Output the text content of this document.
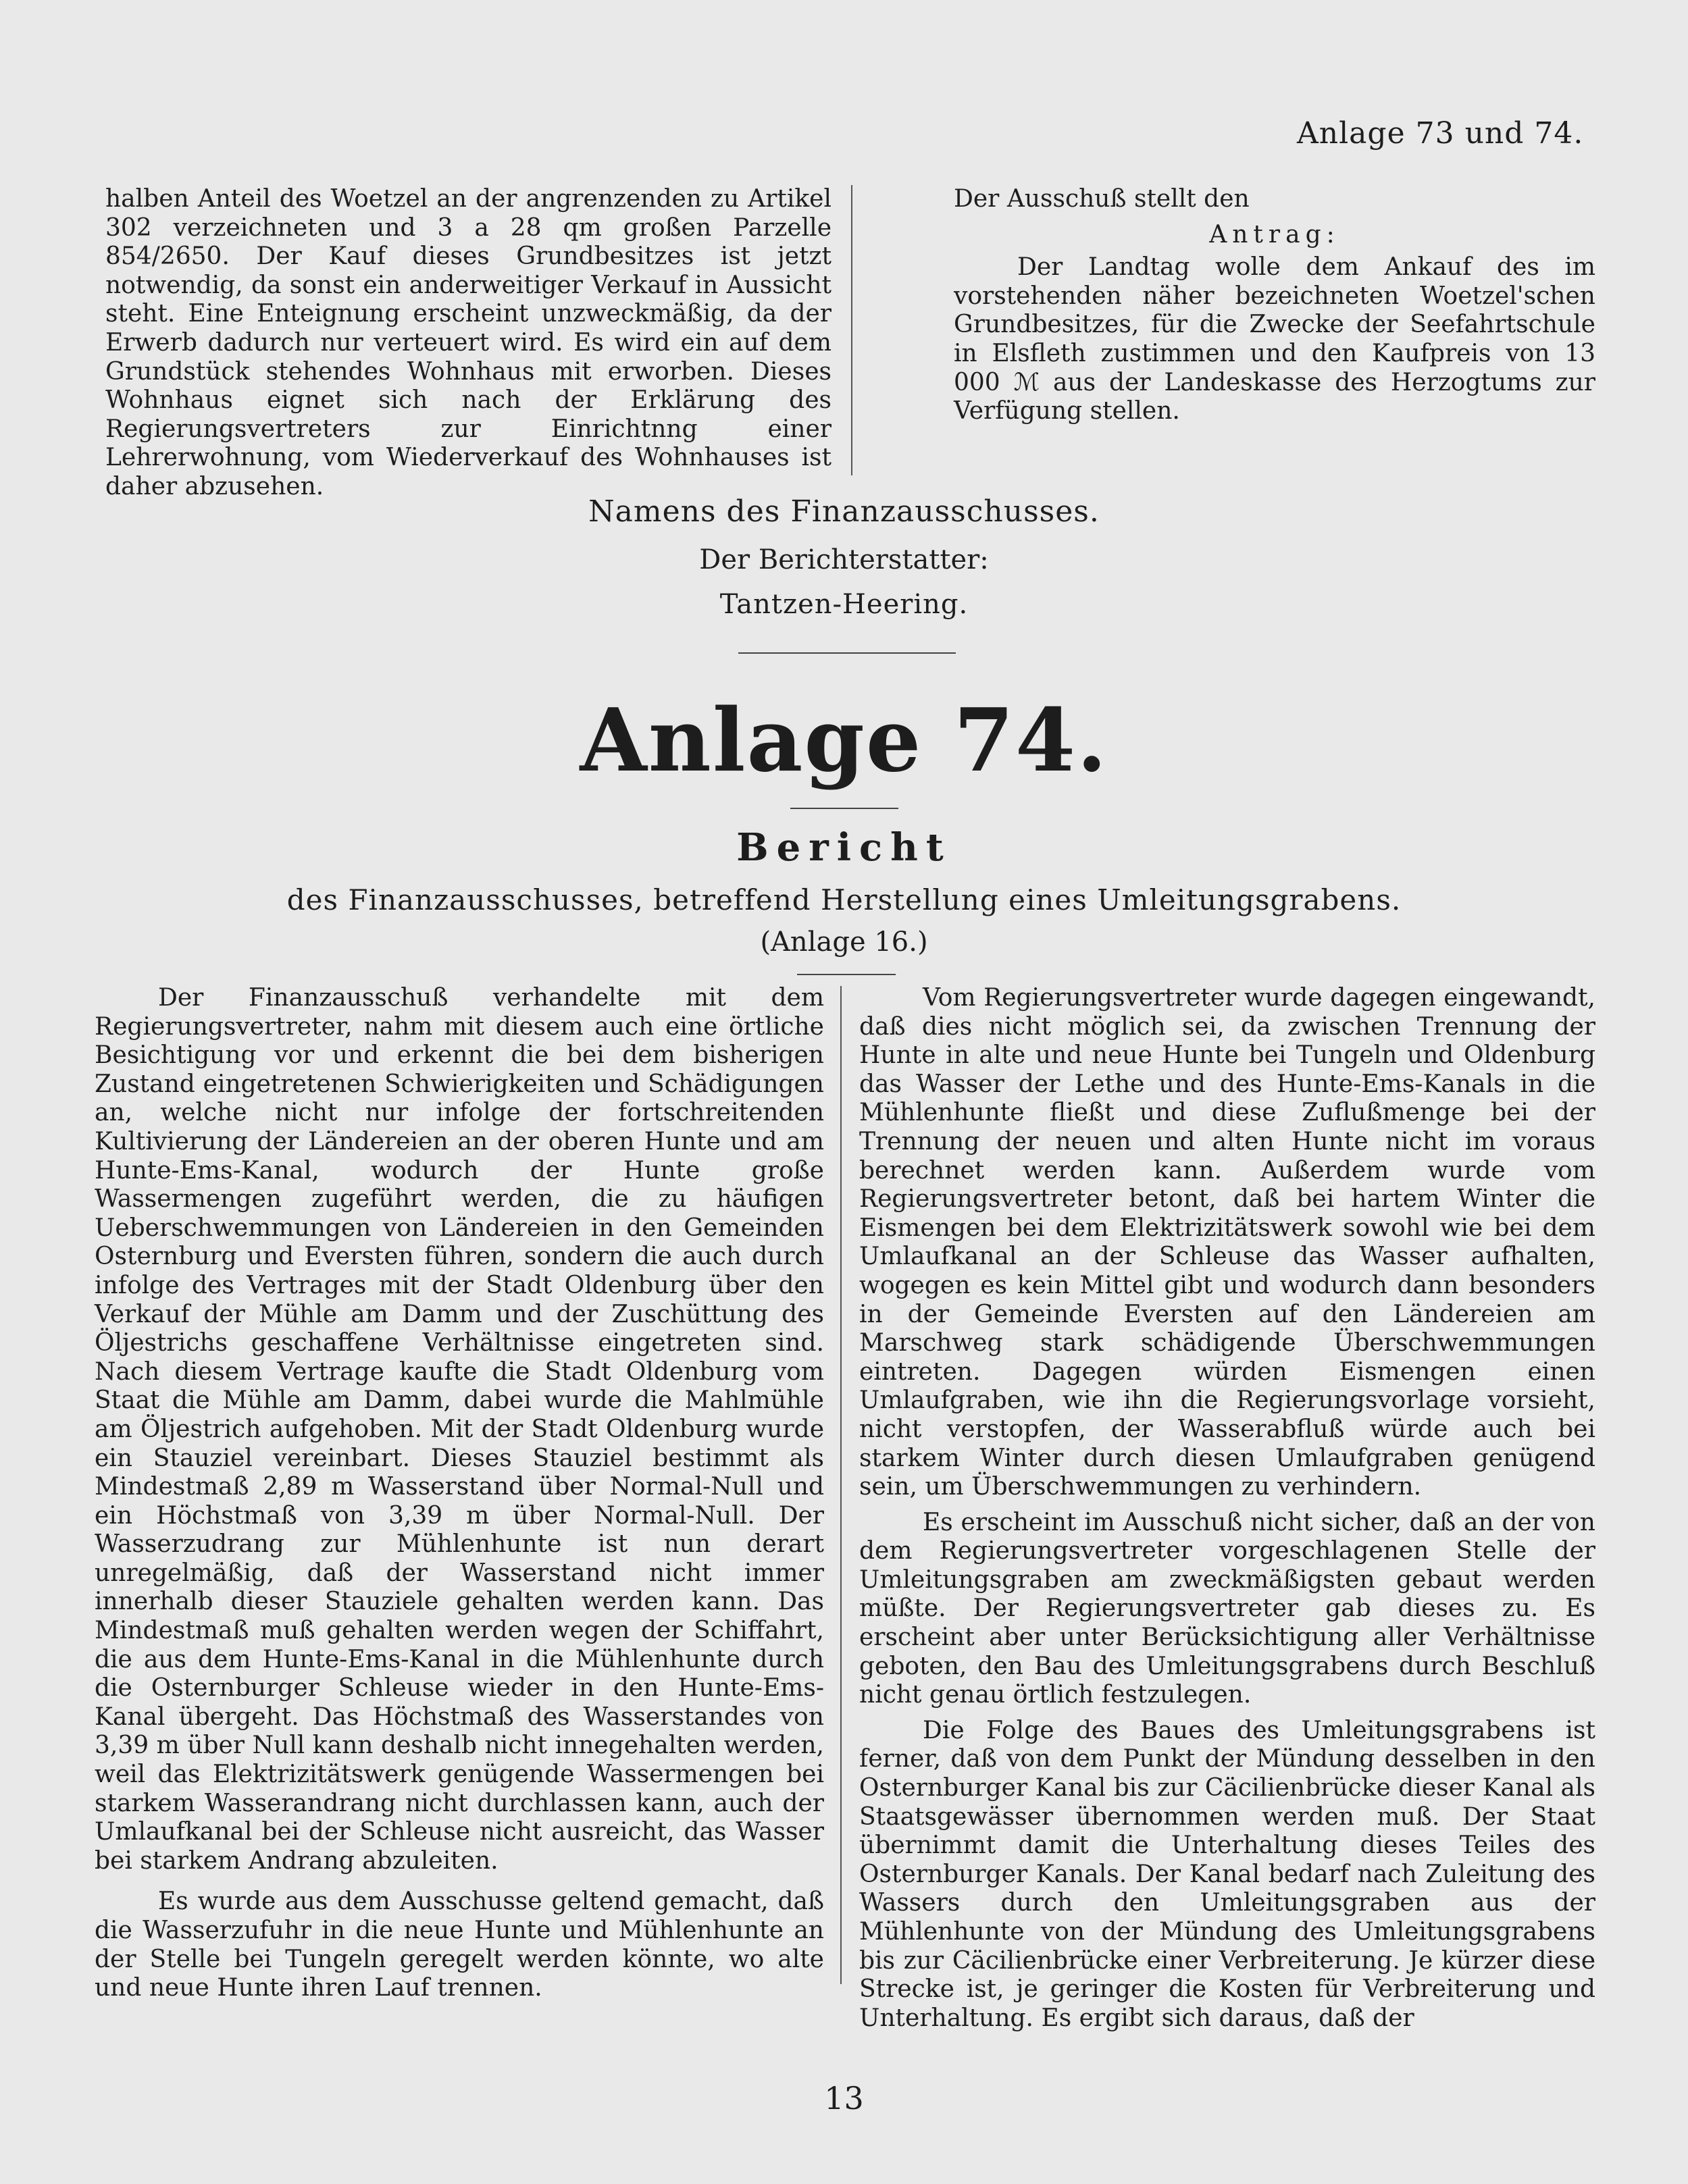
Anlage 73 und 74.

halben Anteil des Woetzel an der angrenzenden zu Artikel 302 verzeichneten und 3 a 28 qm großen Parzelle 854/2650. Der Kauf dieses Grundbesitzes ist jetzt notwendig, da sonst ein anderweitiger Verkauf in Aussicht steht. Eine Enteignung erscheint unzweckmäßig, da der Erwerb dadurch nur verteuert wird. Es wird ein auf dem Grundstück stehendes Wohnhaus mit erworben. Dieses Wohnhaus eignet sich nach der Erklärung des Regierungsvertreters zur Einrichtnng einer Lehrerwohnung, vom Wiederverkauf des Wohnhauses ist daher abzusehen.

Der Ausschuß stellt den

Antrag:

Der Landtag wolle dem Ankauf des im vorstehenden näher bezeichneten Woetzel'schen Grundbesitzes, für die Zwecke der Seefahrtschule in Elsfleth zustimmen und den Kaufpreis von 13 000 ℳ aus der Landeskasse des Herzogtums zur Verfügung stellen.

Namens des Finanzausschusses.
Der Berichterstatter:
Tantzen-Heering.
Anlage 74.
Bericht
des Finanzausschusses, betreffend Herstellung eines Umleitungsgrabens.
(Anlage 16.)

Der Finanzausschuß verhandelte mit dem Regierungsvertreter, nahm mit diesem auch eine örtliche Besichtigung vor und erkennt die bei dem bisherigen Zustand eingetretenen Schwierigkeiten und Schädigungen an, welche nicht nur infolge der fortschreitenden Kultivierung der Ländereien an der oberen Hunte und am Hunte-Ems-Kanal, wodurch der Hunte große Wassermengen zugeführt werden, die zu häufigen Ueberschwemmungen von Ländereien in den Gemeinden Osternburg und Eversten führen, sondern die auch durch infolge des Vertrages mit der Stadt Oldenburg über den Verkauf der Mühle am Damm und der Zuschüttung des Öljestrichs geschaffene Verhältnisse eingetreten sind. Nach diesem Vertrage kaufte die Stadt Oldenburg vom Staat die Mühle am Damm, dabei wurde die Mahlmühle am Öljestrich aufgehoben. Mit der Stadt Oldenburg wurde ein Stauziel vereinbart. Dieses Stauziel bestimmt als Mindestmaß 2,89 m Wasserstand über Normal-Null und ein Höchstmaß von 3,39 m über Normal-Null. Der Wasserzudrang zur Mühlenhunte ist nun derart unregelmäßig, daß der Wasserstand nicht immer innerhalb dieser Stauziele gehalten werden kann. Das Mindestmaß muß gehalten werden wegen der Schiffahrt, die aus dem Hunte-Ems-Kanal in die Mühlenhunte durch die Osternburger Schleuse wieder in den Hunte-Ems-Kanal übergeht. Das Höchstmaß des Wasserstandes von 3,39 m über Null kann deshalb nicht innegehalten werden, weil das Elektrizitätswerk genügende Wassermengen bei starkem Wasserandrang nicht durchlassen kann, auch der Umlaufkanal bei der Schleuse nicht ausreicht, das Wasser bei starkem Andrang abzuleiten.

Es wurde aus dem Ausschusse geltend gemacht, daß die Wasserzufuhr in die neue Hunte und Mühlenhunte an der Stelle bei Tungeln geregelt werden könnte, wo alte und neue Hunte ihren Lauf trennen.

Vom Regierungsvertreter wurde dagegen eingewandt, daß dies nicht möglich sei, da zwischen Trennung der Hunte in alte und neue Hunte bei Tungeln und Oldenburg das Wasser der Lethe und des Hunte-Ems-Kanals in die Mühlenhunte fließt und diese Zuflußmenge bei der Trennung der neuen und alten Hunte nicht im voraus berechnet werden kann. Außerdem wurde vom Regierungsvertreter betont, daß bei hartem Winter die Eismengen bei dem Elektrizitätswerk sowohl wie bei dem Umlaufkanal an der Schleuse das Wasser aufhalten, wogegen es kein Mittel gibt und wodurch dann besonders in der Gemeinde Eversten auf den Ländereien am Marschweg stark schädigende Überschwemmungen eintreten. Dagegen würden Eismengen einen Umlaufgraben, wie ihn die Regierungsvorlage vorsieht, nicht verstopfen, der Wasserabfluß würde auch bei starkem Winter durch diesen Umlaufgraben genügend sein, um Überschwemmungen zu verhindern.

Es erscheint im Ausschuß nicht sicher, daß an der von dem Regierungsvertreter vorgeschlagenen Stelle der Umleitungsgraben am zweckmäßigsten gebaut werden müßte. Der Regierungsvertreter gab dieses zu. Es erscheint aber unter Berücksichtigung aller Verhältnisse geboten, den Bau des Umleitungsgrabens durch Beschluß nicht genau örtlich festzulegen.

Die Folge des Baues des Umleitungsgrabens ist ferner, daß von dem Punkt der Mündung desselben in den Osternburger Kanal bis zur Cäcilienbrücke dieser Kanal als Staatsgewässer übernommen werden muß. Der Staat übernimmt damit die Unterhaltung dieses Teiles des Osternburger Kanals. Der Kanal bedarf nach Zuleitung des Wassers durch den Umleitungsgraben aus der Mühlenhunte von der Mündung des Umleitungsgrabens bis zur Cäcilienbrücke einer Verbreiterung. Je kürzer diese Strecke ist, je geringer die Kosten für Verbreiterung und Unterhaltung. Es ergibt sich daraus, daß der

13
